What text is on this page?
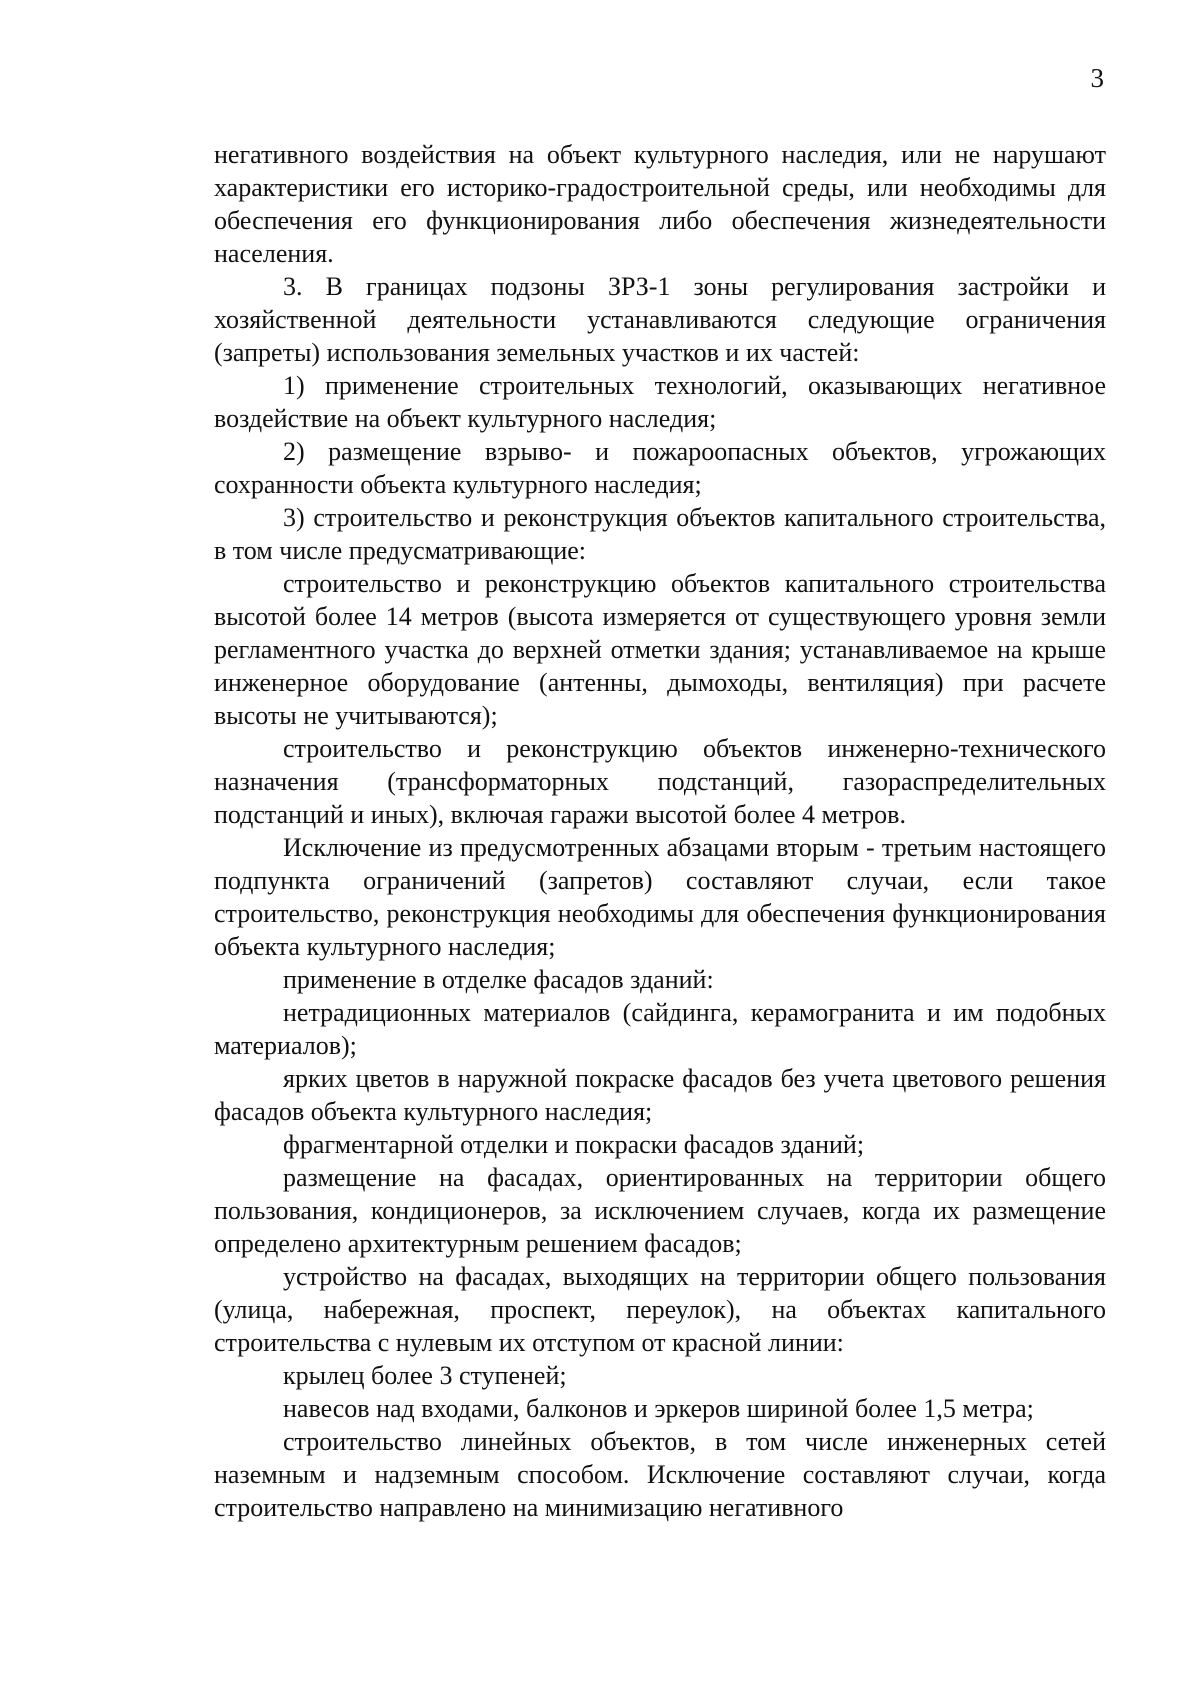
3

негативного воздействия на объект культурного наследия, или не нарушают характеристики его историко-градостроительной среды, или необходимы для обеспечения его функционирования либо обеспечения жизнедеятельности населения.

3. В границах подзоны ЗРЗ-1 зоны регулирования застройки и хозяйственной деятельности устанавливаются следующие ограничения (запреты) использования земельных участков и их частей:

1) применение строительных технологий, оказывающих негативное воздействие на объект культурного наследия;

2) размещение взрыво- и пожароопасных объектов, угрожающих сохранности объекта культурного наследия;

3) строительство и реконструкция объектов капитального строительства, в том числе предусматривающие:

строительство и реконструкцию объектов капитального строительства высотой более 14 метров (высота измеряется от существующего уровня земли регламентного участка до верхней отметки здания; устанавливаемое на крыше инженерное оборудование (антенны, дымоходы, вентиляция) при расчете высоты не учитываются);

строительство и реконструкцию объектов инженерно-технического назначения (трансформаторных подстанций, газораспределительных подстанций и иных), включая гаражи высотой более 4 метров.

Исключение из предусмотренных абзацами вторым - третьим настоящего подпункта ограничений (запретов) составляют случаи, если такое строительство, реконструкция необходимы для обеспечения функционирования объекта культурного наследия;

применение в отделке фасадов зданий:

нетрадиционных материалов (сайдинга, керамогранита и им подобных материалов);

ярких цветов в наружной покраске фасадов без учета цветового решения фасадов объекта культурного наследия;

фрагментарной отделки и покраски фасадов зданий;

размещение на фасадах, ориентированных на территории общего пользования, кондиционеров, за исключением случаев, когда их размещение определено архитектурным решением фасадов;

устройство на фасадах, выходящих на территории общего пользования (улица, набережная, проспект, переулок), на объектах капитального строительства с нулевым их отступом от красной линии:

крылец более 3 ступеней;

навесов над входами, балконов и эркеров шириной более 1,5 метра;

строительство линейных объектов, в том числе инженерных сетей наземным и надземным способом. Исключение составляют случаи, когда строительство направлено на минимизацию негативного
